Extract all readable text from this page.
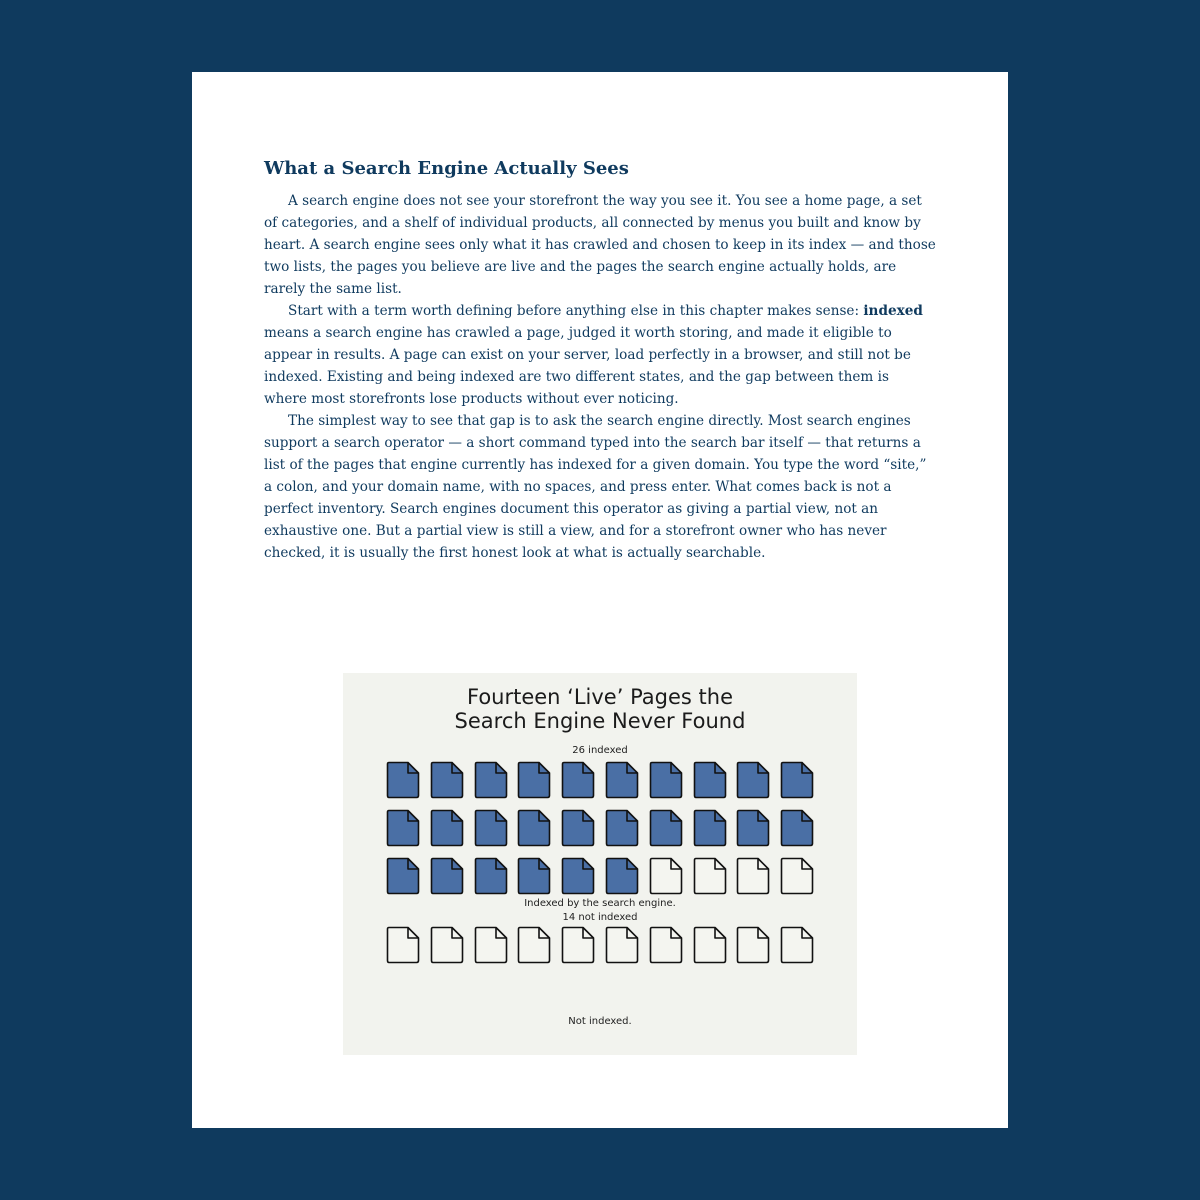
What a Search Engine Actually Sees

A search engine does not see your storefront the way you see it. You see a home page, a set of categories, and a shelf of individual products, all connected by menus you built and know by heart. A search engine sees only what it has crawled and chosen to keep in its index — and those two lists, the pages you believe are live and the pages the search engine actually holds, are rarely the same list.

Start with a term worth defining before anything else in this chapter makes sense: indexed means a search engine has crawled a page, judged it worth storing, and made it eligible to appear in results. A page can exist on your server, load perfectly in a browser, and still not be indexed. Existing and being indexed are two different states, and the gap between them is where most storefronts lose products without ever noticing.

The simplest way to see that gap is to ask the search engine directly. Most search engines support a search operator — a short command typed into the search bar itself — that returns a list of the pages that engine currently has indexed for a given domain. You type the word “site,” a colon, and your domain name, with no spaces, and press enter. What comes back is not a perfect inventory. Search engines document this operator as giving a partial view, not an exhaustive one. But a partial view is still a view, and for a storefront owner who has never checked, it is usually the first honest look at what is actually searchable.

Fourteen ‘Live’ Pages the
Search Engine Never Found
26 indexed
Indexed by the search engine.
14 not indexed
Not indexed.
